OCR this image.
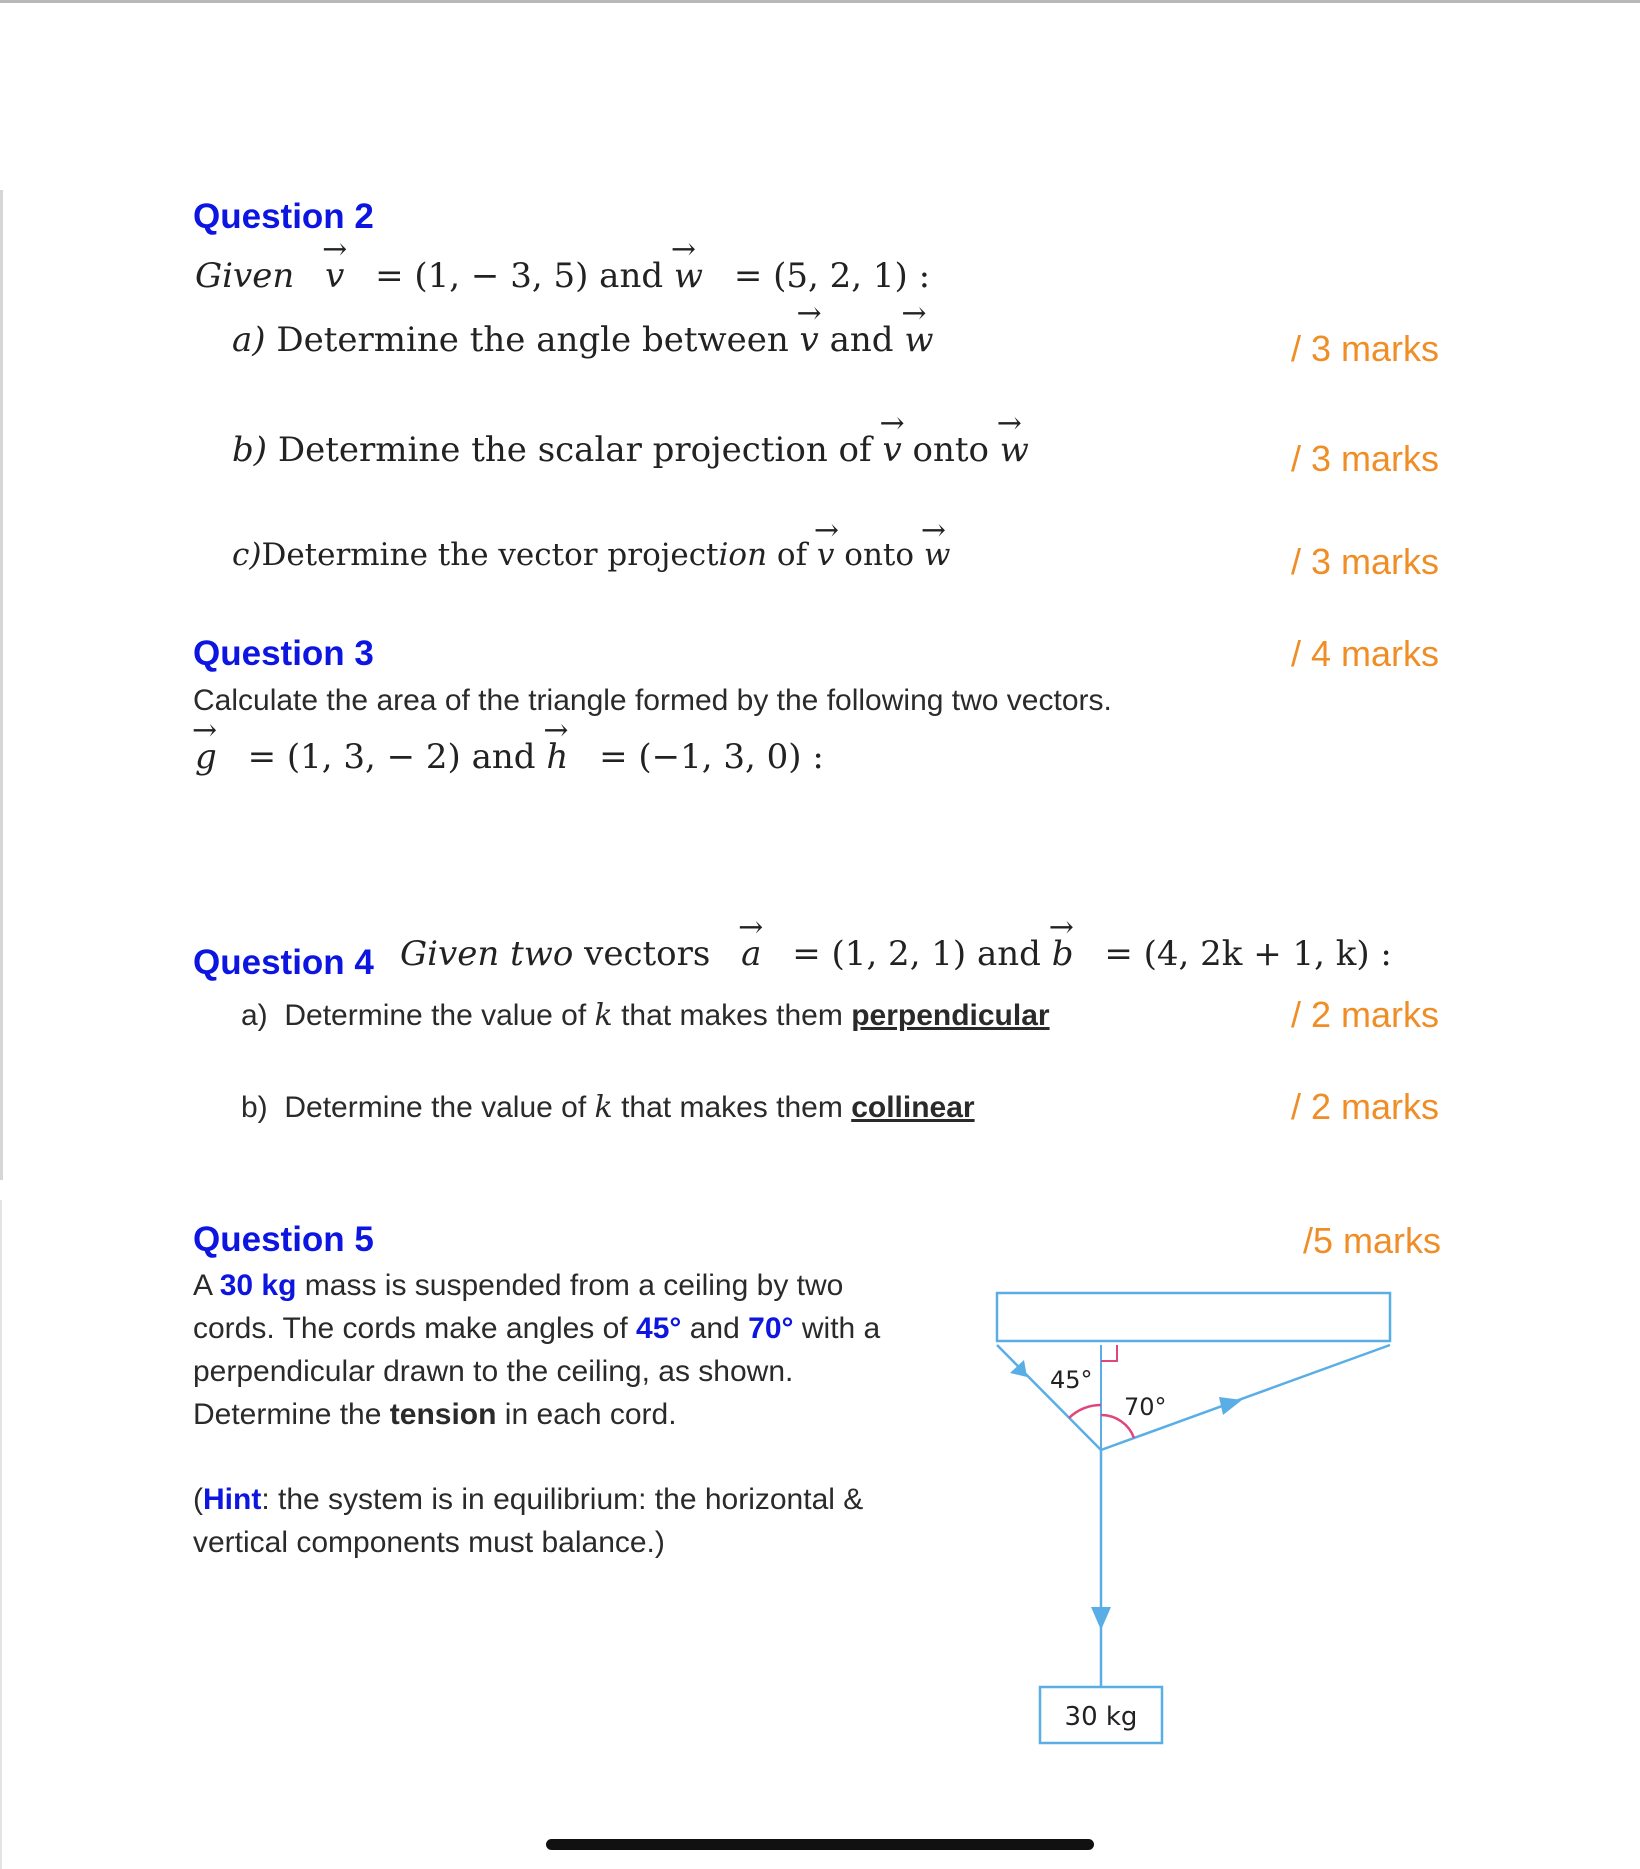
Question 2
Given → v = (1, − 3, 5) and → w = (5, 2, 1) :
a) Determine the angle between → v and → w	/ 3 marks
b) Determine the scalar projection of → v onto → w	/ 3 marks
c)Determine the vector projection of → v onto → w	/ 3 marks
Question 3	/ 4 marks
Calculate the area of the triangle formed by the following two vectors.
→ g = (1, 3, − 2) and → h = (−1, 3, 0) :
Question 4 Given two vectors → a = (1, 2, 1) and → b = (4, 2k + 1, k) :
a) Determine the value of k that makes them perpendicular	/ 2 marks
b) Determine the value of k that makes them collinear	/ 2 marks
Question 5	/5 marks
A 30 kg mass is suspended from a ceiling by two
cords. The cords make angles of 45° and 70° with a
perpendicular drawn to the ceiling, as shown.
Determine the tension in each cord.
(Hint: the system is in equilibrium: the horizontal &
vertical components must balance.)
45°
70°
30 kg
